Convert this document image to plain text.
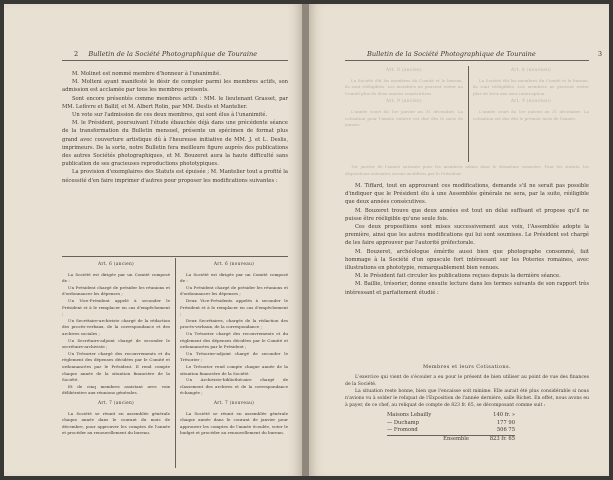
2 Bulletin de la Société Photographique de Touraine

M. Molinet est nommé membre d'honneur à l'unanimité.

M. Molteni ayant manifesté le désir de compter parmi les membres actifs, son admission est acclamée par tous les membres présents.

Sont encore présentés comme membres actifs : MM. le lieutenant Grasset, par MM. Lefèvre et Ballif, et M. Albert Rolin, par MM. Deslis et Mantelier.

Un vote sur l'admission de ces deux membres, qui sont élus à l'unanimité.

M. le Président, poursuivant l'étude ébauchée déjà dans une précédente séance de la transformation du Bulletin mensuel, présente un spécimen de format plus grand avec couverture artistique dû à l'heureuse initiative de MM. J. et L. Deslis, imprimeurs. De la sorte, notre Bulletin fera meilleure figure auprès des publications des autres Sociétés photographiques, et M. Bouzeret aura la haute difficulté sans publication de ses gracieuses reproductions phototypiques.

La provision d'exemplaires des Statuts est épuisée ; M. Mantelier tout a profité la nécessité d'en faire imprimer d'autres pour proposer les modifications suivantes :

Art. 6 (ancien)

La Société est dirigée par un Comité composé de :

Un Président chargé de présider les réunions et d'ordonnancer les dépenses ;

Un Vice-Président appelé à seconder le Président et à le remplacer en cas d'empêchement ;

Un Secrétaire-archiviste chargé de la rédaction des procès-verbaux, de la correspondance et des archives sociales ;

Un Secrétaire-adjoint chargé de seconder le secrétaire-archiviste ;

Un Trésorier chargé des recouvrements et du règlement des dépenses décidées par le Comité et ordonnancées par le Président. Il rend compte chaque année de la situation financière de la Société.

Et de cinq membres assistant avec voix délibérative aux réunions générales.

Art. 6 (nouveau)

La Société est dirigée par un Comité composé de :

Un Président chargé de présider les réunions et d'ordonnancer les dépenses ;

Deux Vice-Présidents appelés à seconder le Président et à le remplacer en cas d'empêchement ;

Deux Secrétaires, chargés de la rédaction des procès-verbaux, de la correspondance ;

Un Trésorier chargé des recouvrements et du règlement des dépenses décidées par le Comité et ordonnancées par le Président ;

Un Trésorier-adjoint chargé de seconder le Trésorier ;

Le Trésorier rend compte chaque année de la situation financière de la Société.

Un Archiviste-bibliothécaire chargé de classement des archives et de la correspondance échangée ;

Art. 7 (ancien)

La Société se réunit en assemblée générale chaque année dans le courant du mois de décembre, pour approuver les comptes de l'année et procéder au renouvellement du bureau.

Art. 7 (nouveau)

La Société se réunit en assemblée générale chaque année dans le courant de janvier pour approuver les comptes de l'année écoulée, voter le budget et procéder au renouvellement du bureau.

Bulletin de la Société Photographique de Touraine	3

Art. 8 (ancien)

La Société élit les membres du Comité et le bureau, ils sont rééligibles. Les membres ne peuvent rester au Comité plus de deux années consécutives.

Art. 9 (ancien)

L'année court du 1er janvier au 31 décembre. La cotisation pour l'année entière est due dès le mois de janvier.

Art. 8 (nouveau)

La Société élit les membres du Comité et le bureau, ils sont rééligibles. Les membres ne peuvent rester plus de trois ans sans interruption.

Art. 9 (nouveau)

L'année court du 1er janvier au 31 décembre. La cotisation est due dès le premier mois de l'année.

1er janvier de l'année suivante pour les membres admis dans le deuxième semestre. Pour les statuts, les dispositions suivantes seront modifiées par le Président.

M. Tiffard, tout en approuvant ces modifications, demande s'il ne serait pas possible d'indiquer que le Président élu à une Assemblée générale ne sera, par la suite, rééligible que deux années consécutives.

M. Bouzeret trouve que deux années est tout un délai suffisant et propose qu'il ne puisse être rééligible qu'une seule fois.

Ces deux propositions sont mises successivement aux voix, l'Assemblée adopte la première, ainsi que les autres modifications qui lui sont soumises. Le Président est chargé de les faire approuver par l'autorité préfectorale.

M. Bouzeret, archéologue émérite aussi bien que photographe consommé, fait hommage à la Société d'un opuscule fort intéressant sur les Poteries romaines, avec illustrations en phototypie, remarquablement bien venues.

M. le Président fait circuler les publications reçues depuis la dernière séance.

M. Baillie, trésorier, donne ensuite lecture dans les termes suivants de son rapport très intéressant et parfaitement étudié :

Membres et leurs Cotisations.

L'exercice qui vient de s'écouler a eu pour le présent de bien utiliser au point de vue des finances de la Société.

La situation reste bonne, bien que l'encaisse soit minime. Elle aurait été plus considérable si nous n'avions vu à solder le reliquat de l'Exposition de l'année dernière, salle Richet. En effet, nous avons eu à payer, de ce chef, au reliquat de compte de 823 fr. 65, se décomposant comme suit :

Maisons Lebailly	140 fr. »
— Duchamp	177 90
— Fromond	506 75
Ensemble	823 fr. 65
